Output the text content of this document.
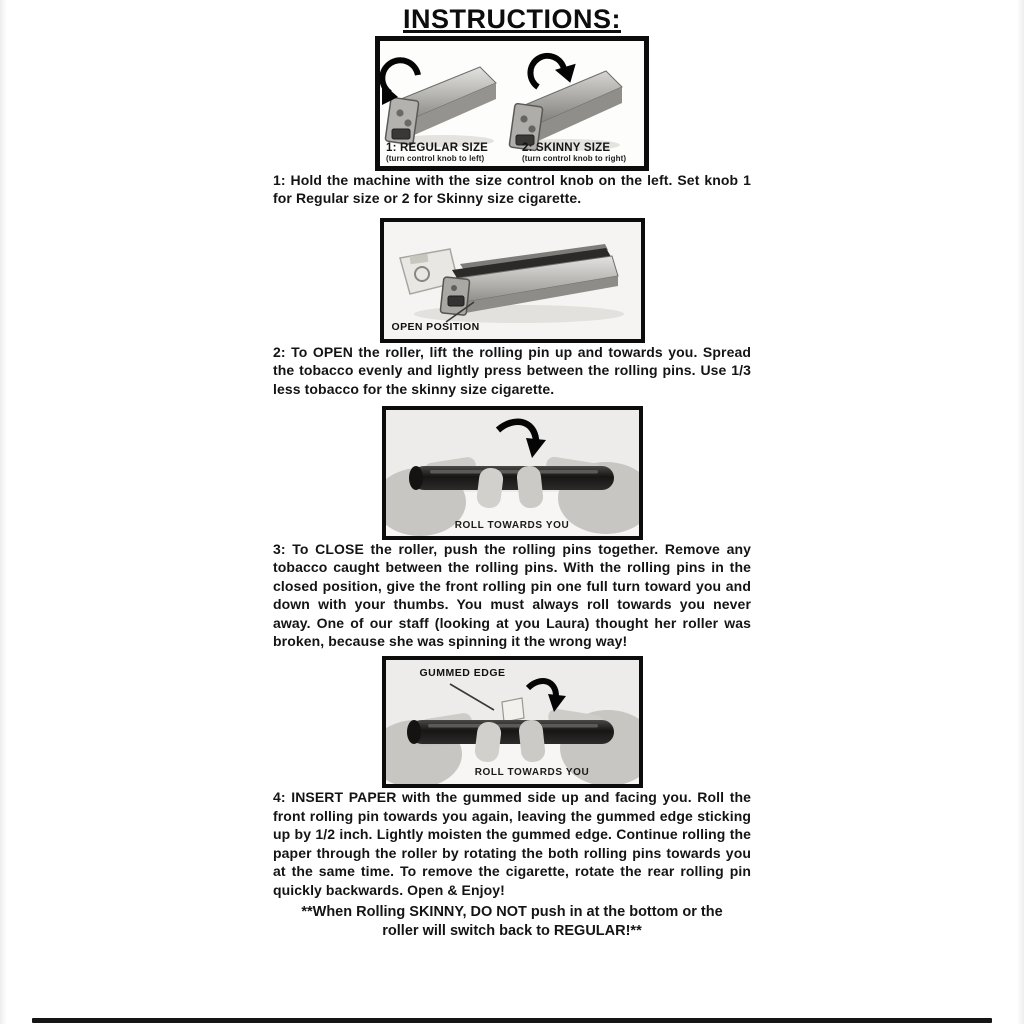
INSTRUCTIONS:
1: REGULAR SIZE
(turn control knob to left)
2: SKINNY SIZE
(turn control knob to right)

1: Hold the machine with the size control knob on the left. Set knob 1 for Regular size or 2 for Skinny size cigarette.

OPEN POSITION

2: To OPEN the roller, lift the rolling pin up and towards you. Spread the tobacco evenly and lightly press between the rolling pins. Use 1/3 less tobacco for the skinny size cigarette.

ROLL TOWARDS YOU

3: To CLOSE the roller, push the rolling pins together. Remove any tobacco caught between the rolling pins. With the rolling pins in the closed position, give the front rolling pin one full turn toward you and down with your thumbs. You must always roll towards you never away. One of our staff (looking at you Laura) thought her roller was broken, because she was spinning it the wrong way!

GUMMED EDGE
ROLL TOWARDS YOU

4: INSERT PAPER with the gummed side up and facing you. Roll the front rolling pin towards you again, leaving the gummed edge sticking up by 1/2 inch. Lightly moisten the gummed edge. Continue rolling the paper through the roller by rotating the both rolling pins towards you at the same time. To remove the cigarette, rotate the rear rolling pin quickly backwards. Open & Enjoy!

**When Rolling SKINNY, DO NOT push in at the bottom or the
roller will switch back to REGULAR!**
